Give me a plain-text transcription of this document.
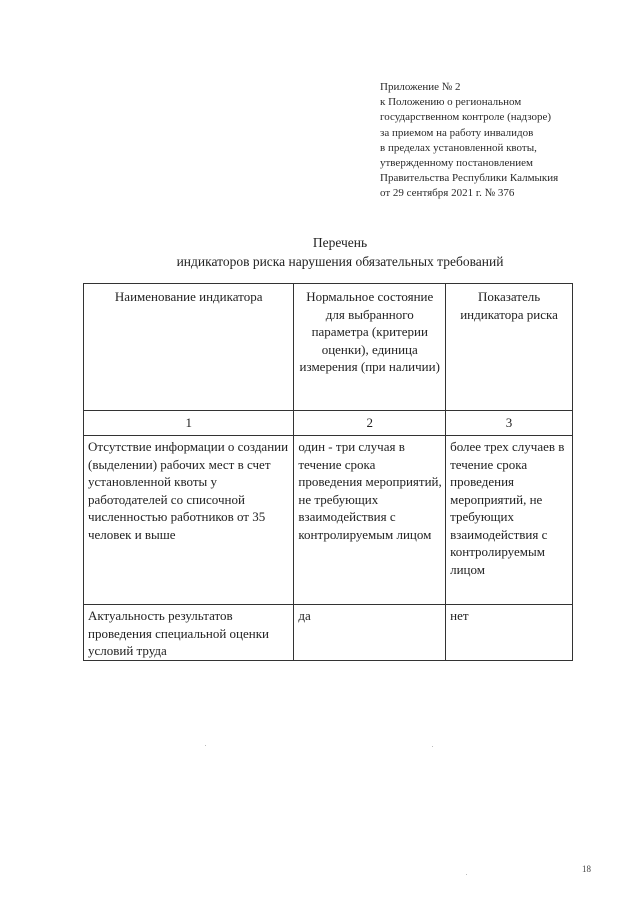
Приложение № 2
к Положению о региональном
государственном контроле (надзоре)
за приемом на работу инвалидов
в пределах установленной квоты,
утвержденному постановлением
Правительства Республики Калмыкия
от 29 сентября 2021 г. № 376
Перечень
индикаторов риска нарушения обязательных требований
Наименование индикатора	Нормальное состояние для выбранного параметра (критерии оценки), единица измерения (при наличии)	Показатель индикатора риска

1	2	3

Отсутствие информации о создании (выделении) рабочих мест в счет установленной квоты у работодателей со списочной численностью работников от 35 человек и выше	один - три случая в течение срока проведения мероприятий, не требующих взаимодействия с контролируемым лицом	более трех случаев в течение срока проведения мероприятий, не требующих взаимодействия с контролируемым лицом

Актуальность результатов проведения специальной оценки условий труда	да	нет
18
